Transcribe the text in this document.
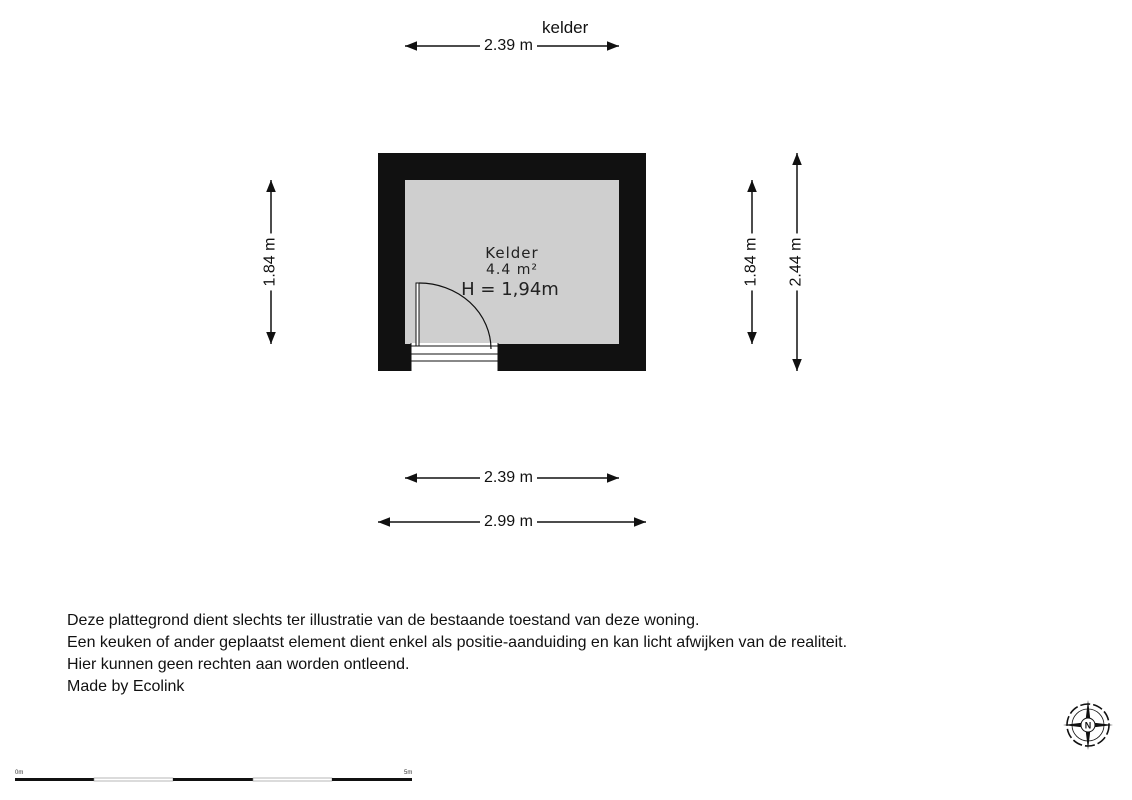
kelder
Kelder
4.4 m²
H = 1,94m
2.39 m
2.39 m
2.99 m
1.84 m	1.84 m 2.44 m
Deze plattegrond dient slechts ter illustratie van de bestaande toestand van deze woning.
Een keuken of ander geplaatst element dient enkel als positie-aanduiding en kan licht afwijken van de realiteit.
Hier kunnen geen rechten aan worden ontleend.
Made by Ecolink
0m	5m
N
